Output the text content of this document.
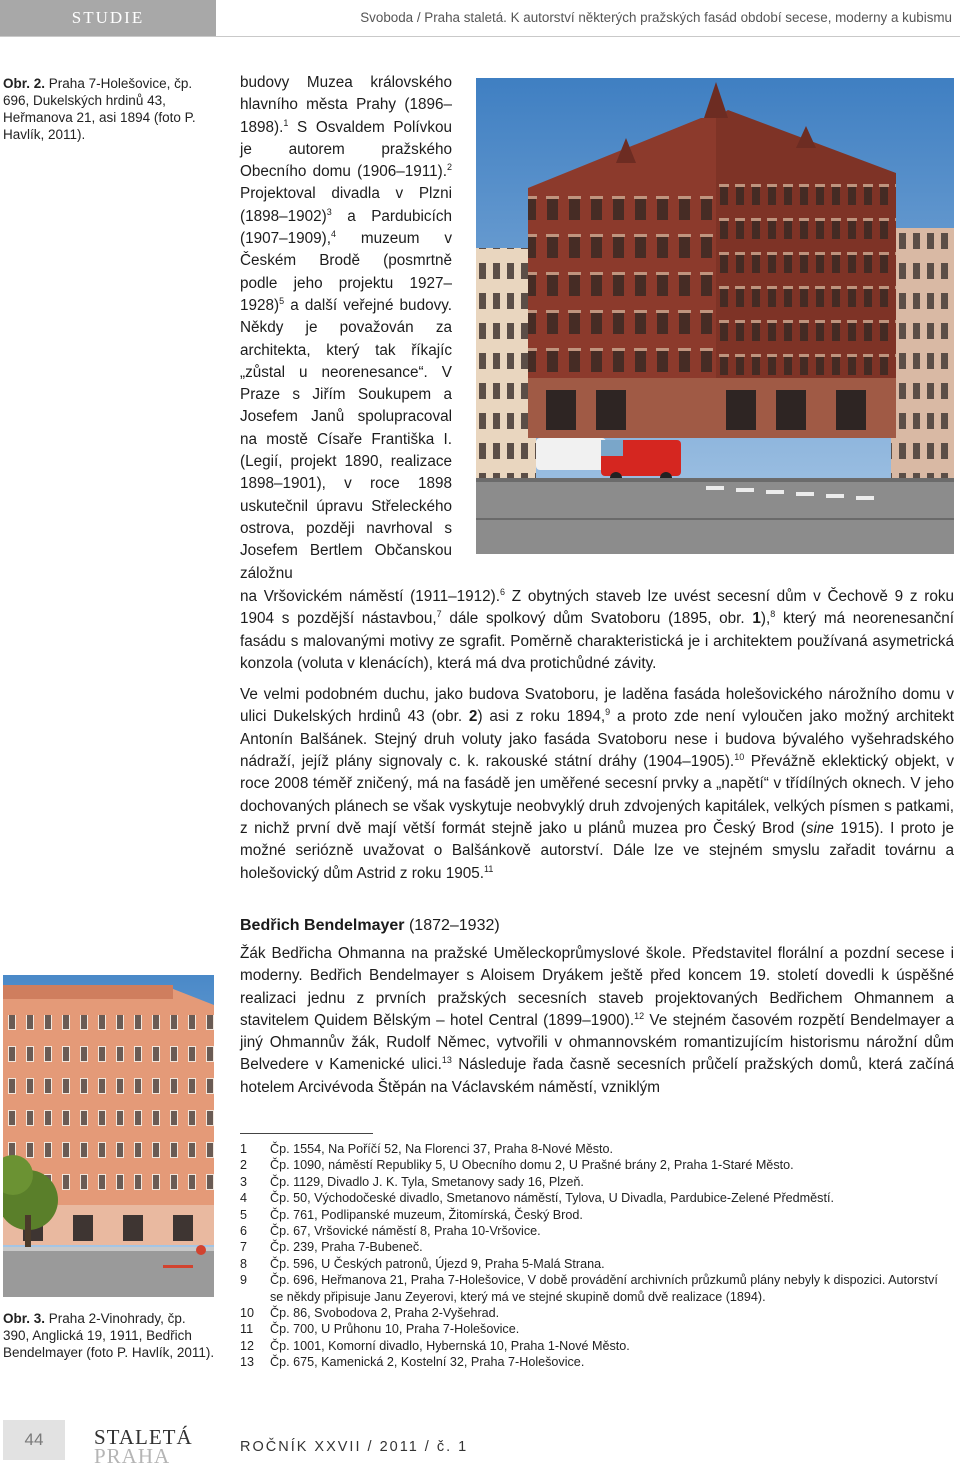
STUDIE	Svoboda / Praha staletá. K autorství některých pražských fasád období secese, moderny a kubismu
Obr. 2. Praha 7-Holešovice, čp. 696, Dukelských hrdinů 43, Heřmanova 21, asi 1894 (foto P. Havlík, 2011).

budovy Muzea královského hlavního města Prahy (1896–1898).$^1$ S Osvaldem Polívkou je autorem pražského Obecního domu (1906–1911).$^2$ Projektoval divadla v Plzni (1898–1902)$^3$ a Pardubicích (1907–1909),$^4$ muzeum v Českém Brodě (posmrtně podle jeho projektu 1927–1928)$^5$ a další veřejné budovy. Někdy je považován za architekta, který tak říkajíc „zůstal u neorenesance“. V Praze s Jiřím Soukupem a Josefem Janů spolupracoval na mostě Císaře Františka I. (Legií, projekt 1890, realizace 1898–1901), v roce 1898 uskutečnil úpravu Střeleckého ostrova, později navrhoval s Josefem Bertlem Občanskou záložnu

na Vršovickém náměstí (1911–1912).$^6$ Z obytných staveb lze uvést secesní dům v Čechově 9 z roku 1904 s pozdější nástavbou,$^7$ dále spolkový dům Svatoboru (1895, obr. 1),$^8$ který má neorenesanční fasádu s malovanými motivy ze sgrafit. Poměrně charakteristická je i architektem používaná asymetrická konzola (voluta v klenácích), která má dva protichůdné závity.

Ve velmi podobném duchu, jako budova Svatoboru, je laděna fasáda holešovického nárožního domu v ulici Dukelských hrdinů 43 (obr. 2) asi z roku 1894,$^9$ a proto zde není vyloučen jako možný architekt Antonín Balšánek. Stejný druh voluty jako fasáda Svatoboru nese i budova bývalého vyšehradského nádraží, jejíž plány signovaly c. k. rakouské státní dráhy (1904–1905).$^{10}$ Převážně eklektický objekt, v roce 2008 téměř zničený, má na fasádě jen uměřené secesní prvky a „napětí“ v třídílných oknech. V jeho dochovaných plánech se však vyskytuje neobvyklý druh zdvojených kapitálek, velkých písmen s patkami, z nichž první dvě mají větší formát stejně jako u plánů muzea pro Český Brod (sine 1915). I proto je možné seriózně uvažovat o Balšánkově autorství. Dále lze ve stejném smyslu zařadit továrnu a holešovický dům Astrid z roku 1905.11

Obr. 3. Praha 2-Vinohrady, čp. 390, Anglická 19, 1911, Bedřich Bendelmayer (foto P. Havlík, 2011).
Bedřich Bendelmayer (1872–1932)

Žák Bedřicha Ohmanna na pražské Uměleckoprůmyslové škole. Představitel florální a pozdní secese i moderny. Bedřich Bendelmayer s Aloisem Dryákem ještě před koncem 19. století dovedli k úspěšné realizaci jednu z prvních pražských secesních staveb projektovaných Bedřichem Ohmannem a stavitelem Quidem Bělským – hotel Central (1899–1900).$^{12}$ Ve stejném časovém rozpětí Bendelmayer a jiný Ohmannův žák, Rudolf Němec, vytvořili v ohmannovském romantizujícím historismu nárožní dům Belvedere v Kamenické ulici.$^{13}$ Následuje řada časně secesních průčelí pražských domů, která začíná hotelem Arcivévoda Štěpán na Václavském náměstí, vzniklým

1	Čp. 1554, Na Poříčí 52, Na Florenci 37, Praha 8-Nové Město.
2	Čp. 1090, náměstí Republiky 5, U Obecního domu 2, U Prašné brány 2, Praha 1-Staré Město.
3	Čp. 1129, Divadlo J. K. Tyla, Smetanovy sady 16, Plzeň.
4	Čp. 50, Východočeské divadlo, Smetanovo náměstí, Tylova, U Divadla, Pardubice-Zelené Předměstí.
5	Čp. 761, Podlipanské muzeum, Žitomírská, Český Brod.
6	Čp. 67, Vršovické náměstí 8, Praha 10-Vršovice.
7	Čp. 239, Praha 7-Bubeneč.
8	Čp. 596, U Českých patronů, Újezd 9, Praha 5-Malá Strana.
9	Čp. 696, Heřmanova 21, Praha 7-Holešovice, V době provádění archivních průzkumů plány nebyly k dispozici. Autorství se někdy připisuje Janu Zeyerovi, který má ve stejné skupině domů dvě realizace (1894).
10	Čp. 86, Svobodova 2, Praha 2-Vyšehrad.
11	Čp. 700, U Průhonu 10, Praha 7-Holešovice.
12	Čp. 1001, Komorní divadlo, Hybernská 10, Praha 1-Nové Město.
13	Čp. 675, Kamenická 2, Kostelní 32, Praha 7-Holešovice.
44	STALETÁ
PRAHA	ROČNÍK XXVII / 2011 / č. 1
